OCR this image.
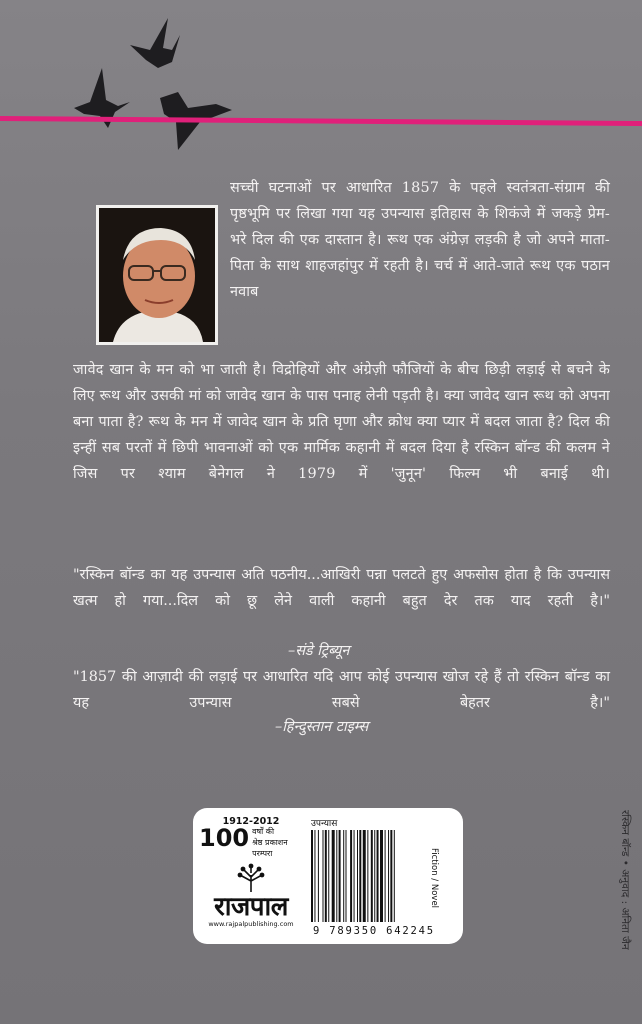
सच्ची घटनाओं पर आधारित 1857 के पहले स्वतंत्रता-संग्राम की पृष्ठभूमि पर लिखा गया यह उपन्यास इतिहास के शिकंजे में जकड़े प्रेम-भरे दिल की एक दास्तान है। रूथ एक अंग्रेज़ लड़की है जो अपने माता-पिता के साथ शाहजहांपुर में रहती है। चर्च में आते-जाते रूथ एक पठान नवाब

जावेद खान के मन को भा जाती है। विद्रोहियों और अंग्रेज़ी फौजियों के बीच छिड़ी लड़ाई से बचने के लिए रूथ और उसकी मां को जावेद खान के पास पनाह लेनी पड़ती है। क्या जावेद खान रूथ को अपना बना पाता है? रूथ के मन में जावेद खान के प्रति घृणा और क्रोध क्या प्यार में बदल जाता है? दिल की इन्हीं सब परतों में छिपी भावनाओं को एक मार्मिक कहानी में बदल दिया है रस्किन बॉन्ड की कलम ने जिस पर श्याम बेनेगल ने 1979 में 'जुनून' फिल्म भी बनाई थी।

"रस्किन बॉन्ड का यह उपन्यास अति पठनीय...आखिरी पन्ना पलटते हुए अफसोस होता है कि उपन्यास खत्म हो गया...दिल को छू लेने वाली कहानी बहुत देर तक याद रहती है।"

–संडे ट्रिब्यून

"1857 की आज़ादी की लड़ाई पर आधारित यदि आप कोई उपन्यास खोज रहे हैं तो रस्किन बॉन्ड का यह उपन्यास सबसे बेहतर है।"

–हिन्दुस्तान टाइम्स
1912-2012
100 वर्षों की
श्रेष्ठ प्रकाशन परम्परा
राजपाल
www.rajpalpublishing.com
उपन्यास
9 789350 642245
Fiction / Novel	रस्किन बॉन्ड • अनुवाद : अनिता जैन
